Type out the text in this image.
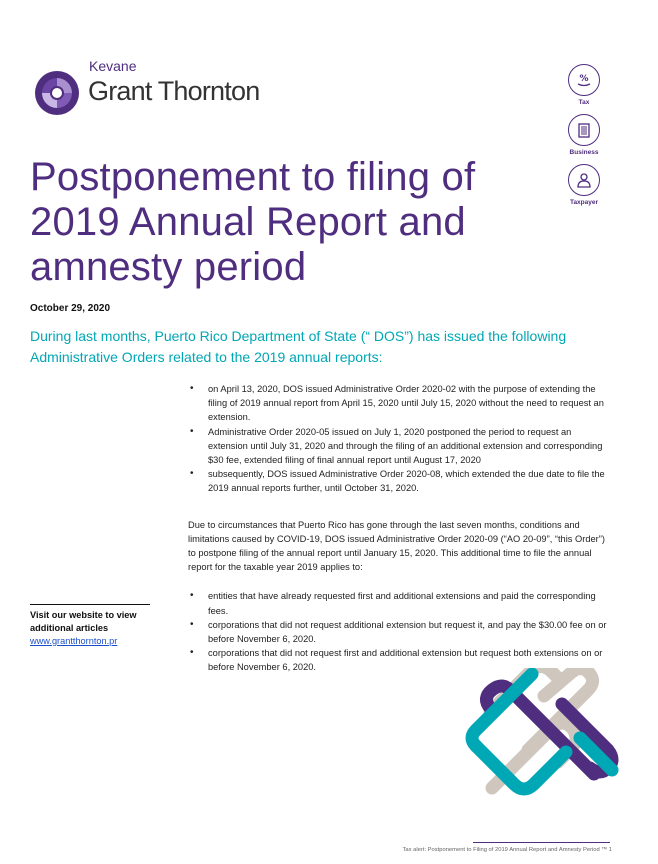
Kevane
Grant Thornton	%
Tax
Business
Taxpayer
Postponement to filing of 2019 Annual Report and amnesty period
October 29, 2020
During last months, Puerto Rico Department of State (“ DOS”) has issued the following Administrative Orders related to the 2019 annual reports:
• on April 13, 2020, DOS issued Administrative Order 2020-02 with the purpose of extending the filing of 2019 annual report from April 15, 2020 until July 15, 2020 without the need to request an extension.
• Administrative Order 2020-05 issued on July 1, 2020 postponed the period to request an extension until July 31, 2020 and through the filing of an additional extension and corresponding $30 fee, extended filing of final annual report until August 17, 2020
• subsequently, DOS issued Administrative Order 2020-08, which extended the due date to file the 2019 annual reports further, until October 31, 2020.
Due to circumstances that Puerto Rico has gone through the last seven months, conditions and limitations caused by COVID-19, DOS issued Administrative Order 2020-09 (“AO 20-09”, “this Order”) to postpone filing of the annual report until January 15, 2020. This additional time to file the annual report for the taxable year 2019 applies to:
• entities that have already requested first and additional extensions and paid the corresponding fees.
• corporations that did not request additional extension but request it, and pay the $30.00 fee on or before November 6, 2020.
• corporations that did not request first and additional extension but request both extensions on or before November 6, 2020.
Visit our website to view additional articles
www.grantthornton.pr
Tax alert: Postponement to Filing of 2019 Annual Report and Amnesty Period ™ 1
